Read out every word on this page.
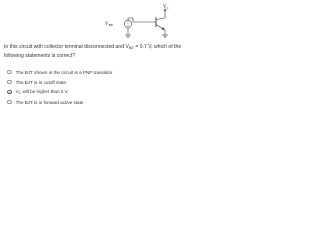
+
$V_C$
$V_{BE}$
In this circuit with collector terminal disconnected and $V_{BE} = 0.7$ V, which of the following statements is correct?
The BJT shown in the circuit is a PNP transistor
The BJT is in cutoff state.
$V_C$ will be higher than 0 V.
The BJT is in forward active state
